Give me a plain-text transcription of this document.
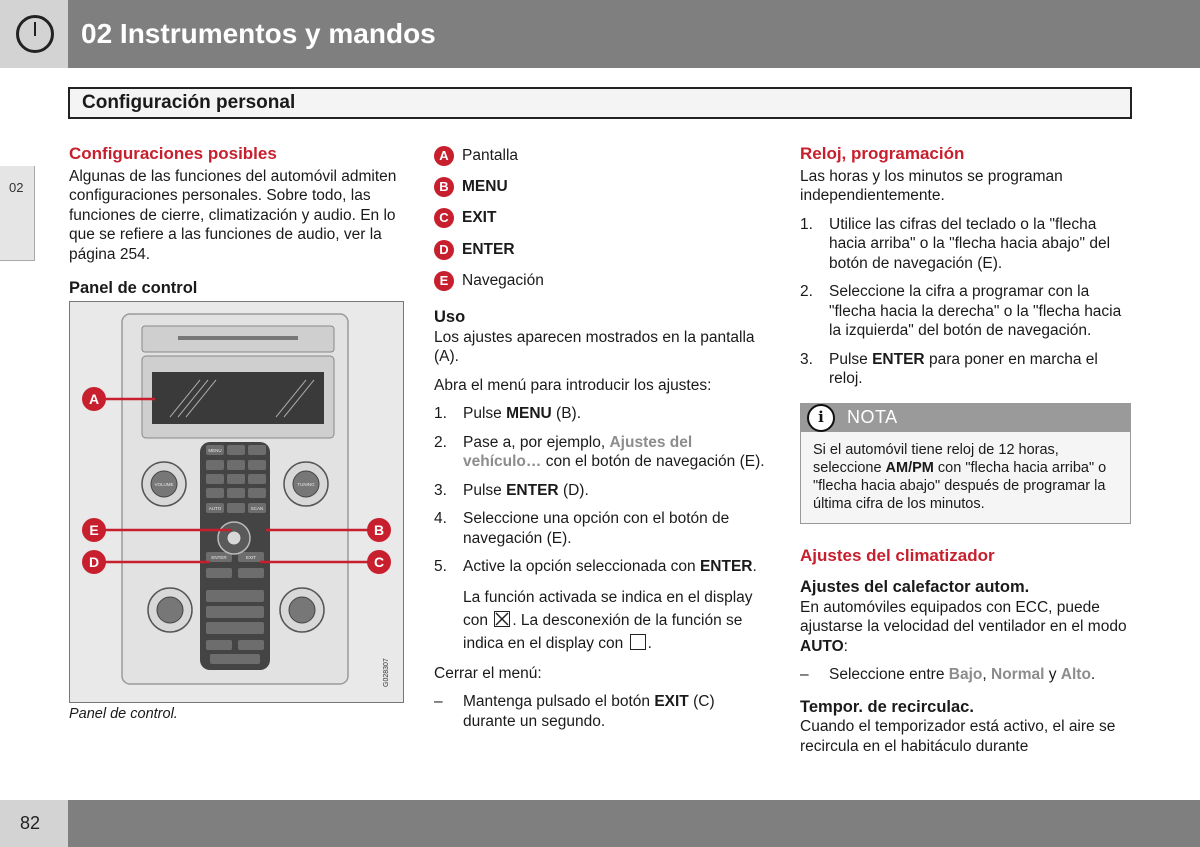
02 Instrumentos y mandos
Configuración personal
02
Configuraciones posibles

Algunas de las funciones del automóvil admiten configuraciones personales. Sobre todo, las funciones de cierre, climatización y audio. En lo que se refiere a las funciones de audio, ver la página 254.

Panel de control
A
E
D
B
C
MENU
SCAN
AUTO
ENTER	EXIT
VOLUME	TUNING
G028307
Panel de control.
A Pantalla
B MENU
C EXIT
D ENTER
E Navegación
Uso

Los ajustes aparecen mostrados en la pantalla (A).

Abra el menú para introducir los ajustes:

1.	Pulse MENU (B).
2.	Pase a, por ejemplo, Ajustes del vehículo… con el botón de navegación (E).
3.	Pulse ENTER (D).
4.	Seleccione una opción con el botón de navegación (E).
5.	Active la opción seleccionada con ENTER.
La función activada se indica en el display con
. La desconexión de la función se indica en el display con .

Cerrar el menú:

–	Mantenga pulsado el botón EXIT (C) durante un segundo.
Reloj, programación

Las horas y los minutos se programan independientemente.

1.	Utilice las cifras del teclado o la "flecha hacia arriba" o la "flecha hacia abajo" del botón de navegación (E).
2.	Seleccione la cifra a programar con la "flecha hacia la derecha" o la "flecha hacia la izquierda" del botón de navegación.
3.	Pulse ENTER para poner en marcha el reloj.
i	NOTA
Si el automóvil tiene reloj de 12 horas, seleccione AM/PM con "flecha hacia arriba" o "flecha hacia abajo" después de programar la última cifra de los minutos.
Ajustes del climatizador
Ajustes del calefactor autom.

En automóviles equipados con ECC, puede ajustarse la velocidad del ventilador en el modo AUTO:

–	Seleccione entre Bajo, Normal y Alto.
Tempor. de recirculac.

Cuando el temporizador está activo, el aire se recircula en el habitáculo durante

82
